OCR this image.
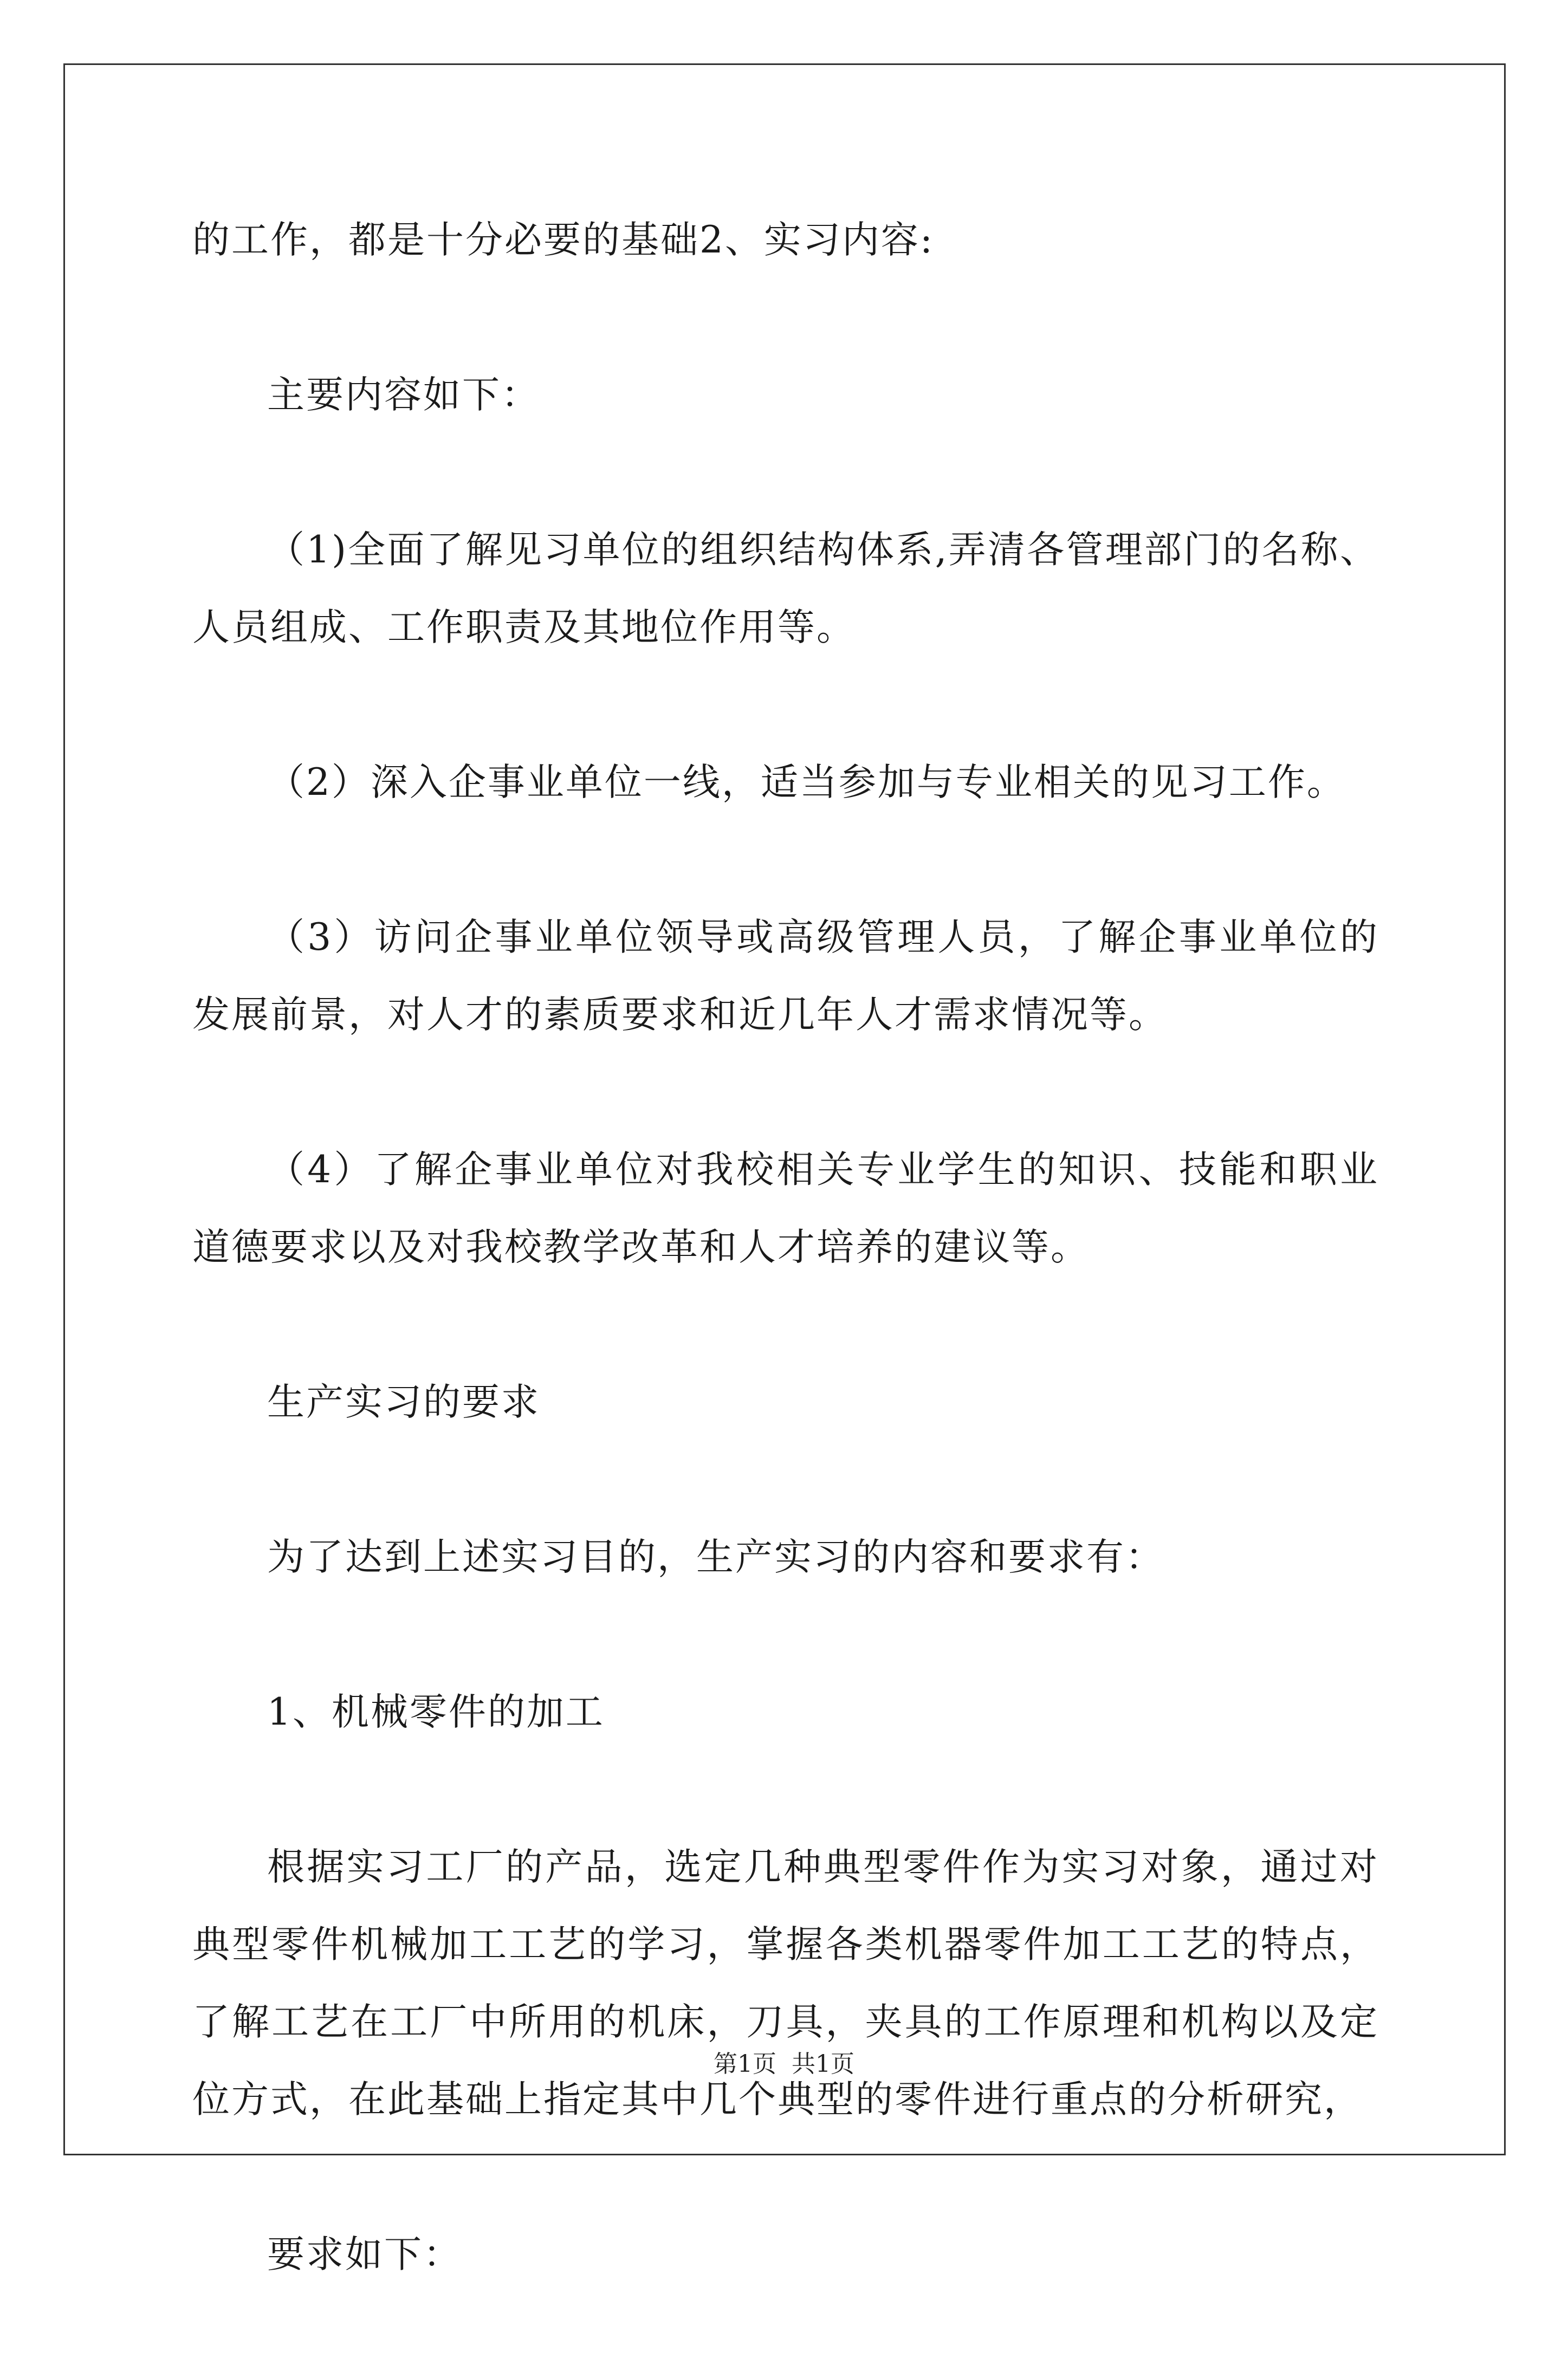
的工作，都是十分必要的基础2、实习内容:

主要内容如下：

（1)全面了解见习单位的组织结构体系,弄清各管理部门的名称、人员组成、工作职责及其地位作用等。

（2）深入企事业单位一线，适当参加与专业相关的见习工作。

（3）访问企事业单位领导或高级管理人员，了解企事业单位的发展前景，对人才的素质要求和近几年人才需求情况等。

（4）了解企事业单位对我校相关专业学生的知识、技能和职业道德要求以及对我校教学改革和人才培养的建议等。

生产实习的要求

为了达到上述实习目的，生产实习的内容和要求有：

1、机械零件的加工

根据实习工厂的产品，选定几种典型零件作为实习对象，通过对典型零件机械加工工艺的学习，掌握各类机器零件加工工艺的特点，了解工艺在工厂中所用的机床，刀具，夹具的工作原理和机构以及定位方式，在此基础上指定其中几个典型的零件进行重点的分析研究，

要求如下：

第1页 共1页
